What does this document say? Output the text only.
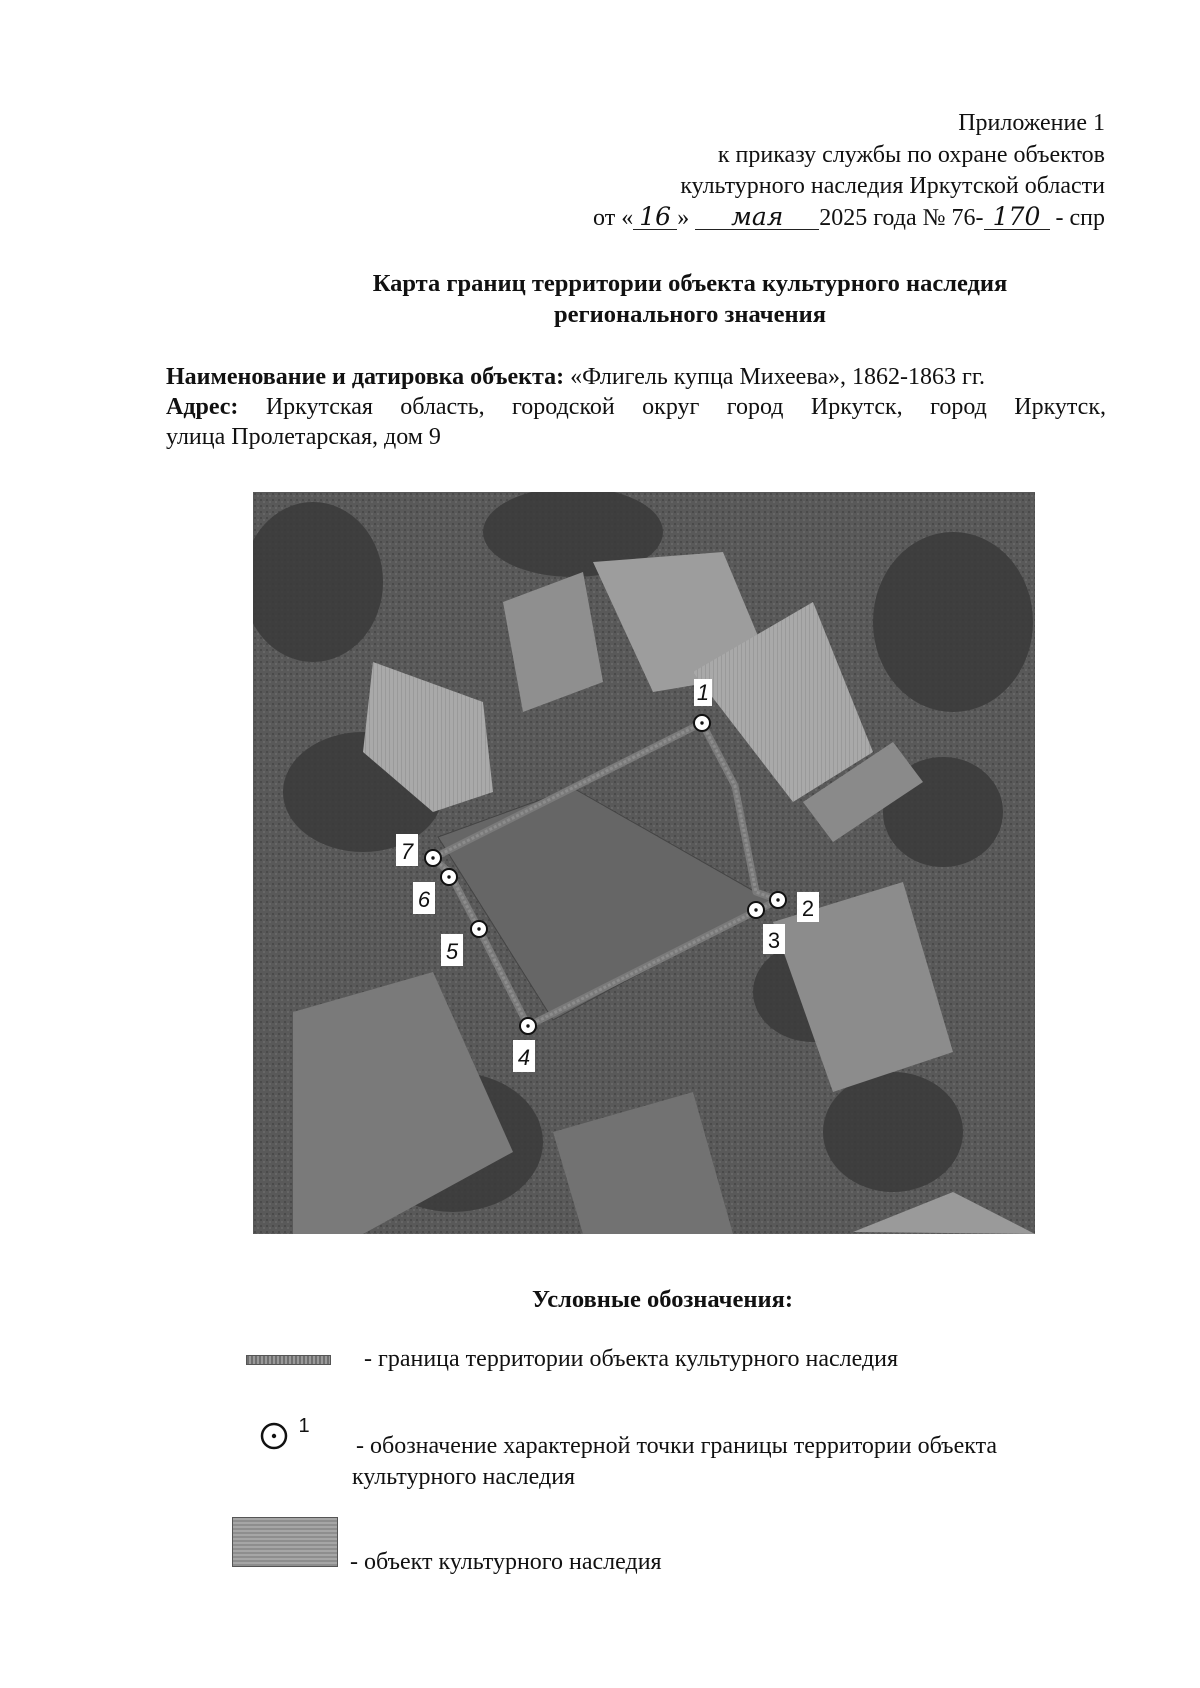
Приложение 1
к приказу службы по охране объектов
культурного наследия Иркутской области
от « 16 » мая 2025 года № 76- 170 - спр
Карта границ территории объекта культурного наследия
регионального значения
Наименование и датировка объекта: «Флигель купца Михеева», 1862-1863 гг.
Адрес: Иркутская область, городской округ город Иркутск, город Иркутск,
улица Пролетарская, дом 9
1
2
3
4
5
6
7
Условные обозначения:
- граница территории объекта культурного наследия
1
- обозначение характерной точки границы территории объекта
культурного наследия
- объект культурного наследия
